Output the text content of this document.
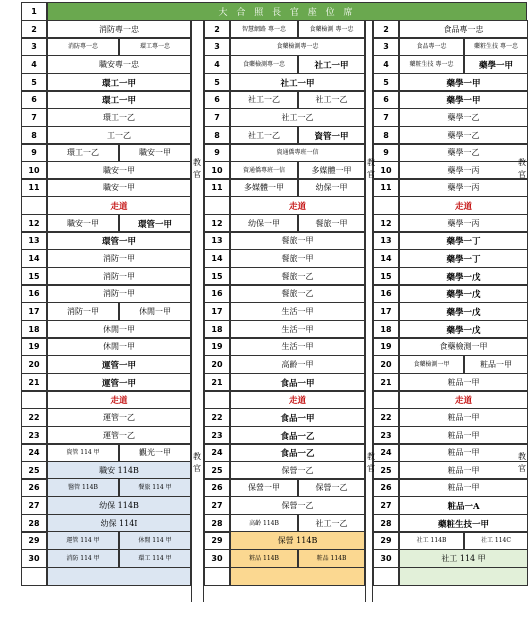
1	大 合 照 長 官 座 位 席
2	消防專一忠	2	智慧網路 專一忠	食藥檢測 專一忠	2	食品專一忠
3	消防專一忠	環工專一忠	3	食藥檢測專一忠	3	食品專一忠	藥粧生技 專一忠
4	職安專一忠	4	食藥檢測專一忠	社工一甲	4	藥粧生技 專一忠	藥學一甲
5	環工一甲	5	社工一甲	5	藥學一甲
6	環工一甲	6	社工一乙	社工一乙	6	藥學一甲
7	環工一乙	7	社工一乙	7	藥學一乙
8	工一乙	8	社工一乙	資管一甲	8	藥學一乙
9	環工一乙	職安一甲	9	資通僑專班一信	9	藥學一乙
10	職安一甲	10	資通僑專班一信	多媒體一甲	10	藥學一丙
11	職安一甲	11	多媒體一甲	幼保一甲	11	藥學一丙
走道	走道	走道
12	職安一甲	環管一甲	12	幼保一甲	餐旅一甲	12	藥學一丙
13	環管一甲	13	餐旅一甲	13	藥學一丁
14	消防一甲	14	餐旅一甲	14	藥學一丁
15	消防一甲	15	餐旅一乙	15	藥學一戊
16	消防一甲	16	餐旅一乙	16	藥學一戊
17	消防一甲	休閒一甲	17	生活一甲	17	藥學一戊
18	休閒一甲	18	生活一甲	18	藥學一戊
19	休閒一甲	19	生活一甲	19	食藥檢測一甲
20	運管一甲	20	高齡一甲	20	食藥檢測一甲	粧品一甲
21	運管一甲	21	食品一甲	21	粧品一甲
走道	走道	走道
22	運管一乙	22	食品一甲	22	粧品一甲
23	運管一乙	23	食品一乙	23	粧品一甲
24	資管 114 甲	觀光一甲	24	食品一乙	24	粧品一甲
25	職安 114B	25	保營一乙	25	粧品一甲
26	醫管 114B	餐旅 114 甲	26	保營一甲	保營一乙	26	粧品一甲
27	幼保 114B	27	保營一乙	27	粧品一A
28	幼保 114I	28	高齡 114B	社工一乙	28	藥粧生技一甲
29	運管 114 甲	休閒 114 甲	29	保營 114B	29	社工 114B	社工 114C
30	消防 114 甲	環工 114 甲	30	粧品 114B	粧品 114B	30	社工 114 甲
教官
教官
教官
教官
教官
教官
